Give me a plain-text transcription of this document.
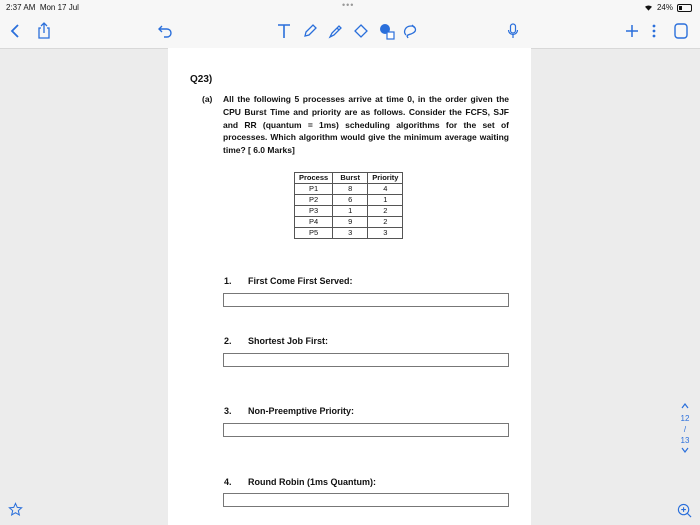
2:37 AM Mon 17 Jul	•••	24%
Q23)
(a) All the following 5 processes arrive at time 0, in the order given the CPU Burst Time and priority are as follows. Consider the FCFS, SJF and RR (quantum = 1ms) scheduling algorithms for the set of processes. Which algorithm would give the minimum average waiting time? [ 6.0 Marks]
Process	Burst	Priority
P1	8	4
P2	6	1
P3	1	2
P4	9	2
P5	3	3
1. First Come First Served:
2. Shortest Job First:
3. Non-Preemptive Priority:
4. Round Robin (1ms Quantum):
12
/
13
